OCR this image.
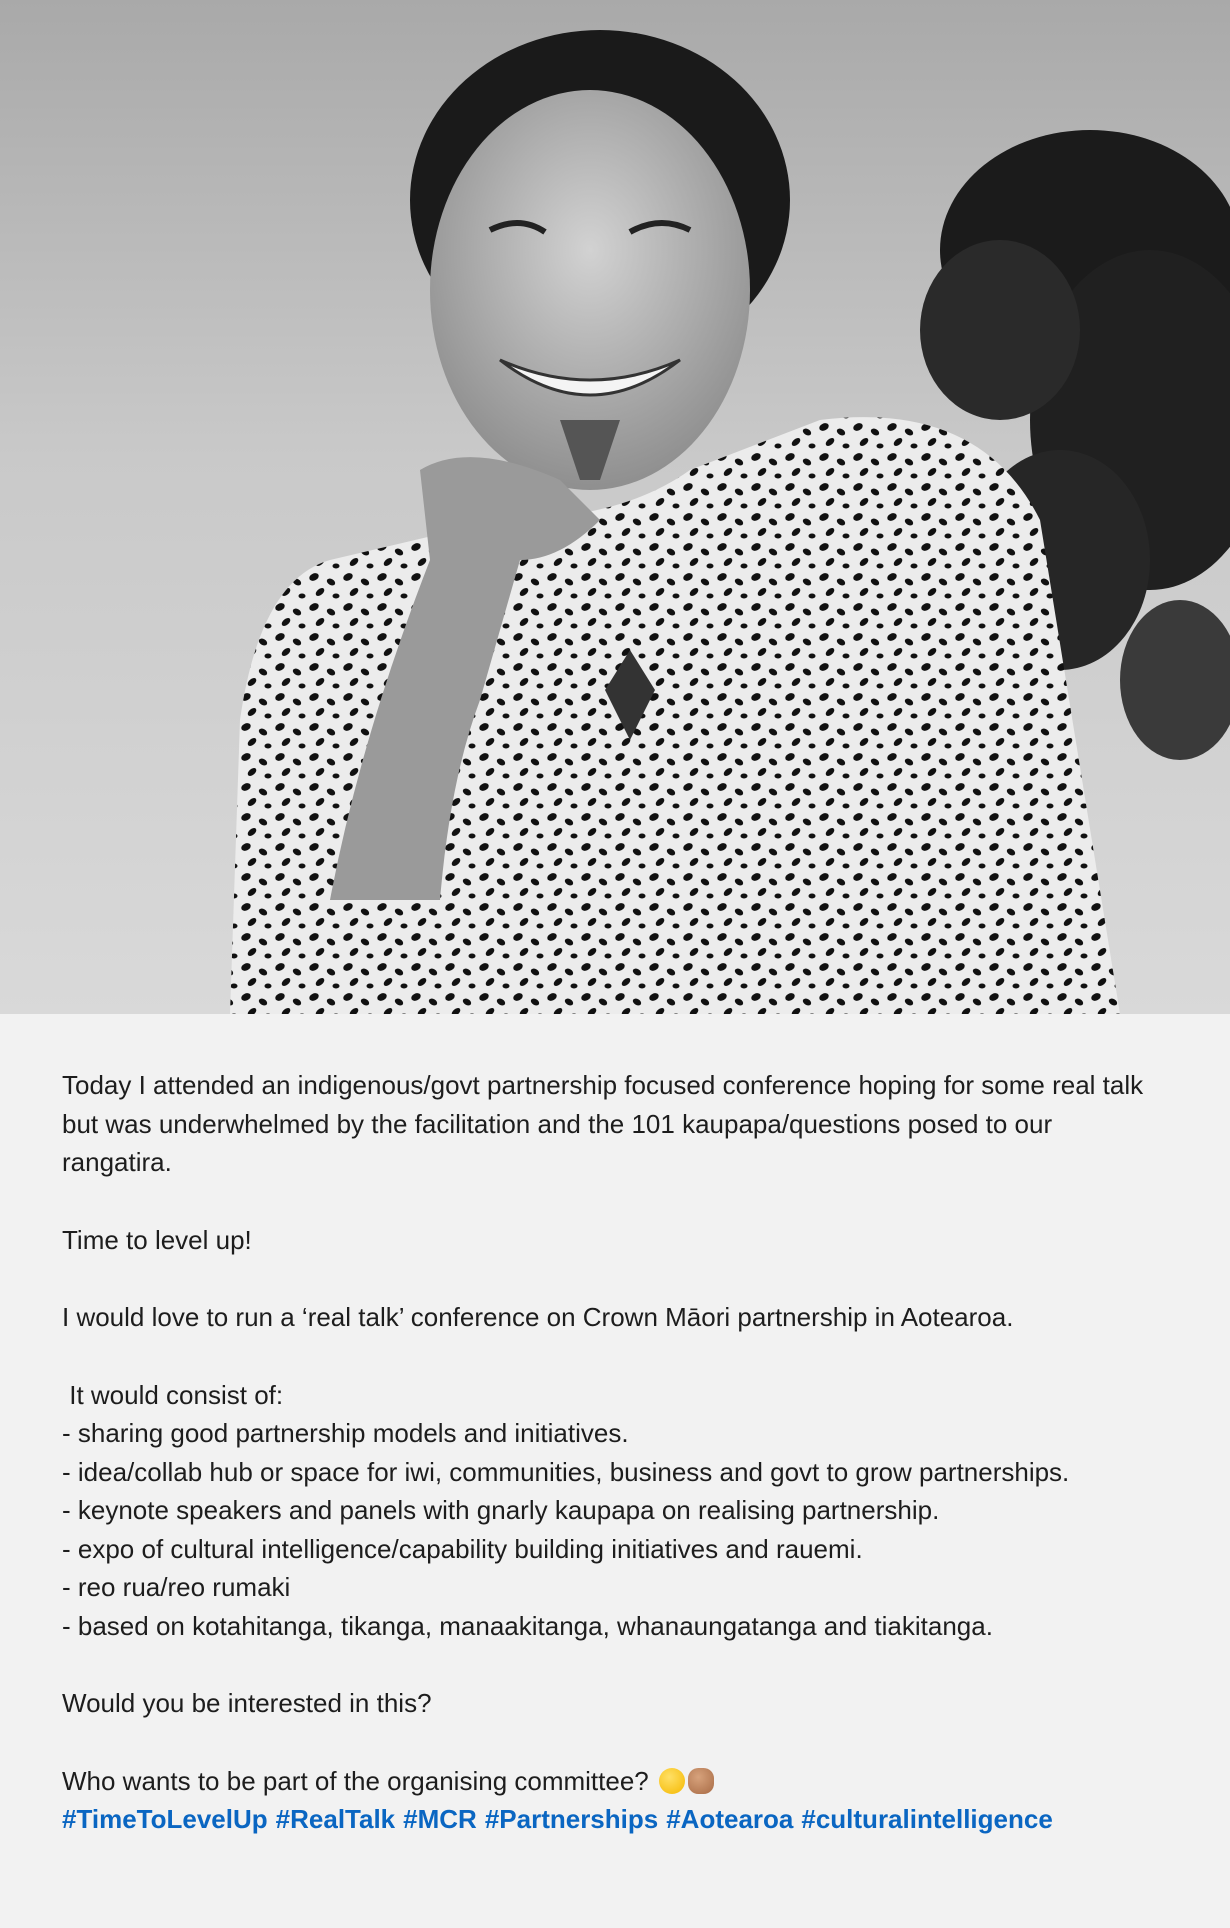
Today I attended an indigenous/govt partnership focused conference hoping for some real talk but was underwhelmed by the facilitation and the 101 kaupapa/questions posed to our rangatira.

Time to level up!

I would love to run a ‘real talk’ conference on Crown Māori partnership in Aotearoa.

It would consist of:

- sharing good partnership models and initiatives.

- idea/collab hub or space for iwi, communities, business and govt to grow partnerships.

- keynote speakers and panels with gnarly kaupapa on realising partnership.

- expo of cultural intelligence/capability building initiatives and rauemi.

- reo rua/reo rumaki

- based on kotahitanga, tikanga, manaakitanga, whanaungatanga and tiakitanga.

Would you be interested in this?

Who wants to be part of the organising committee?

#TimeToLevelUp #RealTalk #MCR #Partnerships #Aotearoa #culturalintelligence
